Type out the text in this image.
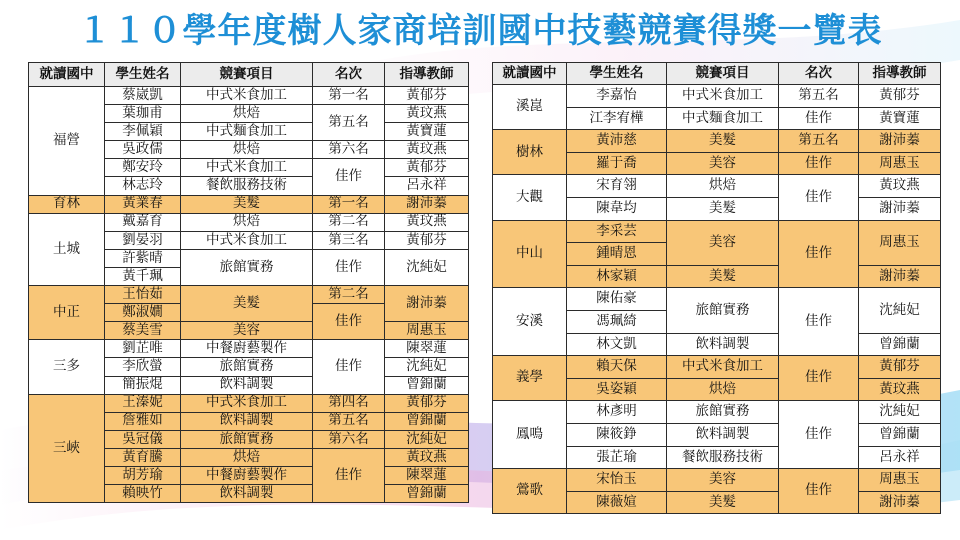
１１０學年度樹人家商培訓國中技藝競賽得獎一覽表
就讀國中	學生姓名	競賽項目	名次	指導教師
福營	蔡崴凱	中式米食加工	第一名	黃郁芬
	葉珈甫	烘焙	第五名	黃玟燕
	李佩穎	中式麵食加工		黃寶蓮
	吳政儒	烘焙	第六名	黃玟燕
	鄭安玲	中式米食加工	佳作	黃郁芬
	林志玲	餐飲服務技術		呂永祥
育林	黃業春	美髮	第一名	謝沛蓁
土城	戴嘉育	烘焙	第二名	黃玟燕
	劉晏羽	中式米食加工	第三名	黃郁芬
	許紫晴	旅館實務	佳作	沈純妃
	黃千珮			
中正	王怡茹	美髮	第二名	謝沛蓁
	鄭淑嫺		佳作	
	蔡美雪	美容		周惠玉
三多	劉芷唯	中餐廚藝製作	佳作	陳翠蓮
	李欣螢	旅館實務		沈純妃
	簡振焜	飲料調製		曾錦蘭
三峽	王溱妮	中式米食加工	第四名	黃郁芬
	詹雅如	飲料調製	第五名	曾錦蘭
	吳冠儀	旅館實務	第六名	沈純妃
	黃育騰	烘焙	佳作	黃玟燕
	胡芳瑜	中餐廚藝製作		陳翠蓮
	賴映竹	飲料調製		曾錦蘭
就讀國中	學生姓名	競賽項目	名次	指導教師
溪崑	李嘉怡	中式米食加工	第五名	黃郁芬
	江李宥樺	中式麵食加工	佳作	黃寶蓮
樹林	黃沛慈	美髮	第五名	謝沛蓁
	羅于喬	美容	佳作	周惠玉
大觀	宋育翎	烘焙	佳作	黃玟燕
	陳韋均	美髮		謝沛蓁
中山	李采芸	美容	佳作	周惠玉
	鍾晴恩			
	林家穎	美髮		謝沛蓁
安溪	陳佑豪	旅館實務	佳作	沈純妃
	馮珮綺			
	林文凱	飲料調製		曾錦蘭
義學	賴天保	中式米食加工	佳作	黃郁芬
	吳姿穎	烘焙		黃玟燕
鳳鳴	林彥明	旅館實務	佳作	沈純妃
	陳筱錚	飲料調製		曾錦蘭
	張芷瑜	餐飲服務技術		呂永祥
鶯歌	宋怡玉	美容	佳作	周惠玉
	陳薇媗	美髮		謝沛蓁
